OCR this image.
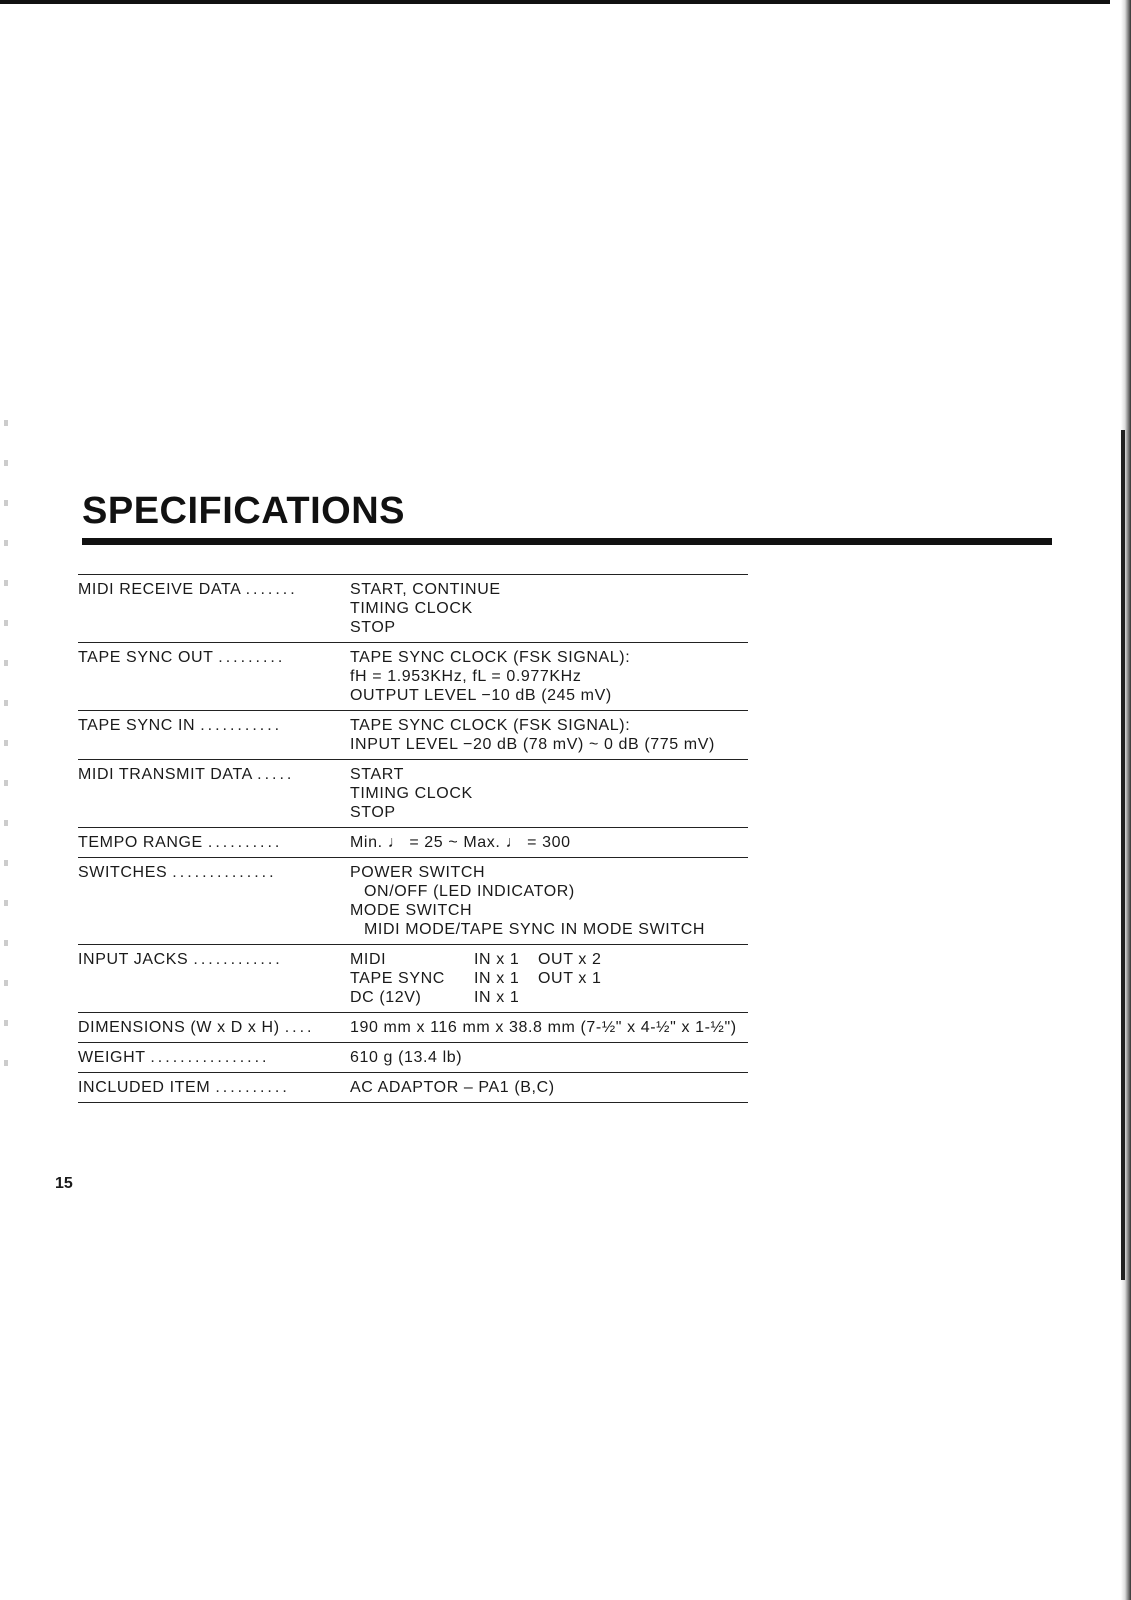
SPECIFICATIONS
MIDI RECEIVE DATA .......	START, CONTINUE
TIMING CLOCK
STOP
TAPE SYNC OUT .........	TAPE SYNC CLOCK (FSK SIGNAL):
fH = 1.953KHz, fL = 0.977KHz
OUTPUT LEVEL −10 dB (245 mV)
TAPE SYNC IN ...........	TAPE SYNC CLOCK (FSK SIGNAL):
INPUT LEVEL −20 dB (78 mV) ~ 0 dB (775 mV)
MIDI TRANSMIT DATA .....	START
TIMING CLOCK
STOP
TEMPO RANGE ..........	Min. ♩ = 25 ~ Max. ♩ = 300
SWITCHES ..............	POWER SWITCH
ON/OFF (LED INDICATOR)
MODE SWITCH
MIDI MODE/TAPE SYNC IN MODE SWITCH
INPUT JACKS ............	MIDI	IN x 1	OUT x 2
TAPE SYNC	IN x 1	OUT x 1
DC (12V)	IN x 1
DIMENSIONS (W x D x H) ....	190 mm x 116 mm x 38.8 mm (7-½" x 4-½" x 1-½")
WEIGHT ................	610 g (13.4 lb)
INCLUDED ITEM ..........	AC ADAPTOR – PA1 (B,C)
15
